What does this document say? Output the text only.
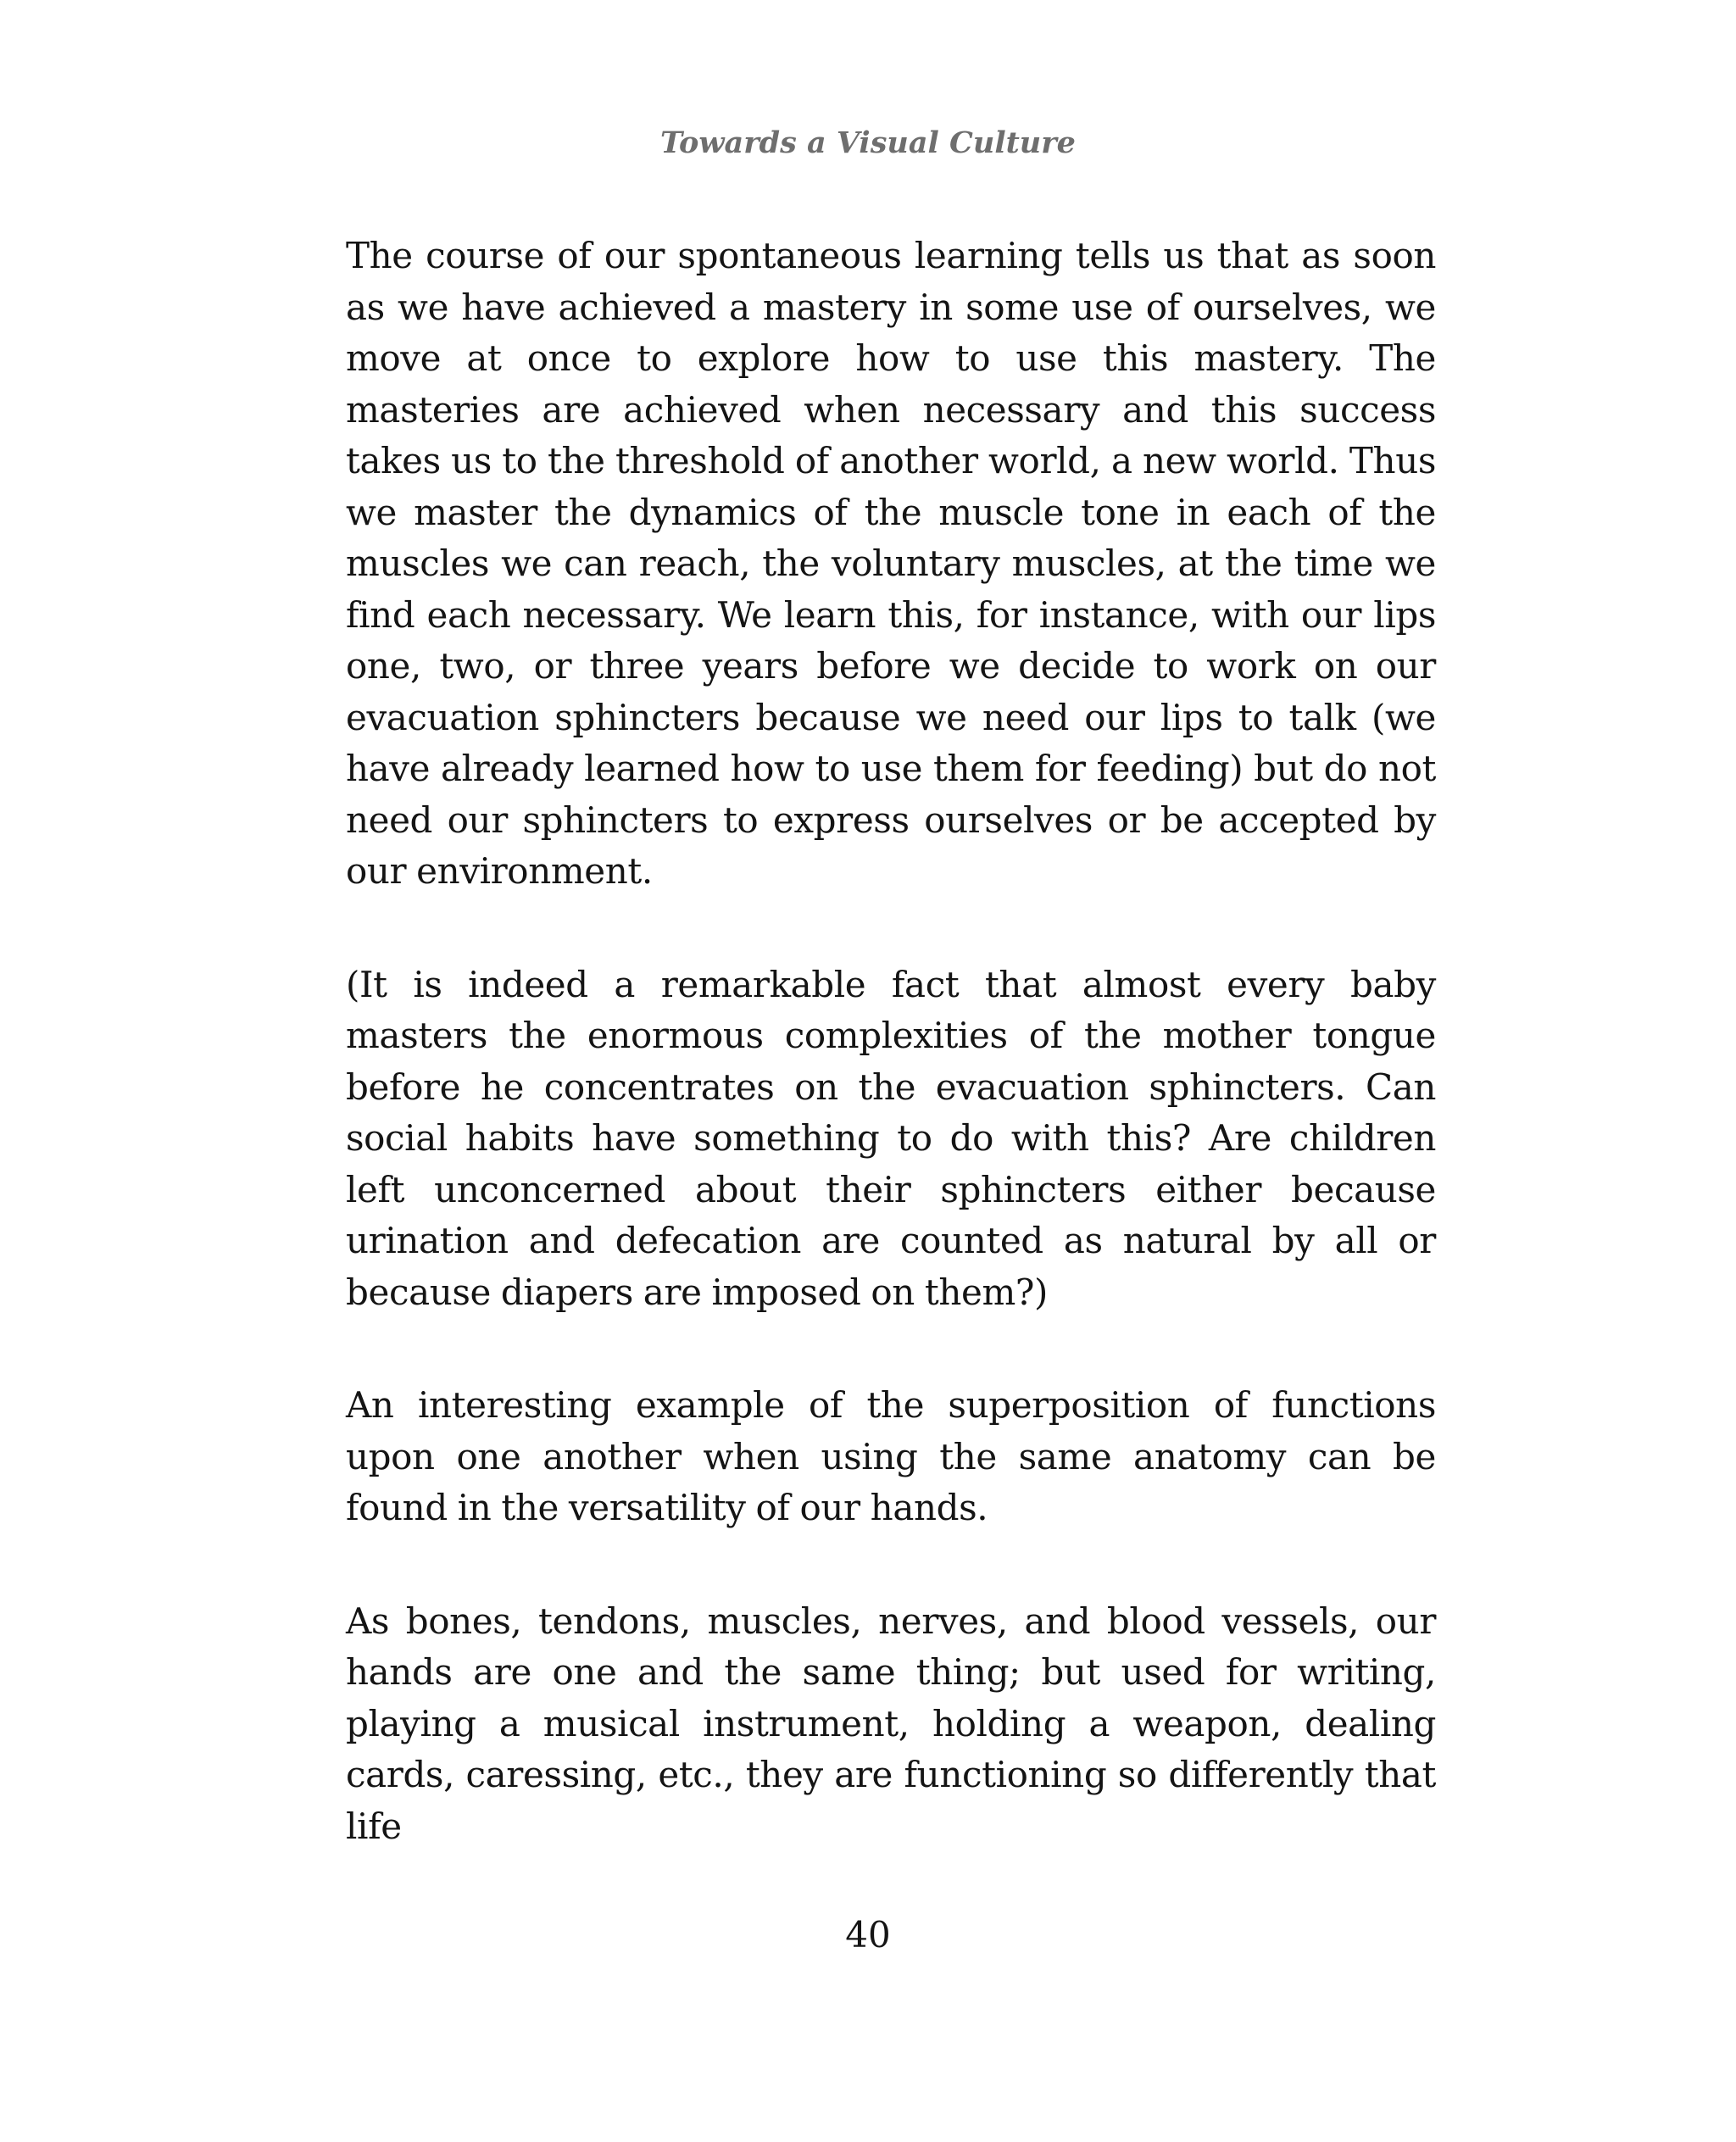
Towards a Visual Culture

The course of our spontaneous learning tells us that as soon as we have achieved a mastery in some use of ourselves, we move at once to explore how to use this mastery. The masteries are achieved when necessary and this success takes us to the threshold of another world, a new world. Thus we master the dynamics of the muscle tone in each of the muscles we can reach, the voluntary muscles, at the time we find each necessary. We learn this, for instance, with our lips one, two, or three years before we decide to work on our evacuation sphincters because we need our lips to talk (we have already learned how to use them for feeding) but do not need our sphincters to express ourselves or be accepted by our environment.

(It is indeed a remarkable fact that almost every baby masters the enormous complexities of the mother tongue before he concentrates on the evacuation sphincters. Can social habits have something to do with this? Are children left unconcerned about their sphincters either because urination and defecation are counted as natural by all or because diapers are imposed on them?)

An interesting example of the superposition of functions upon one another when using the same anatomy can be found in the versatility of our hands.

As bones, tendons, muscles, nerves, and blood vessels, our hands are one and the same thing; but used for writing, playing a musical instrument, holding a weapon, dealing cards, caressing, etc., they are functioning so differently that life

40
